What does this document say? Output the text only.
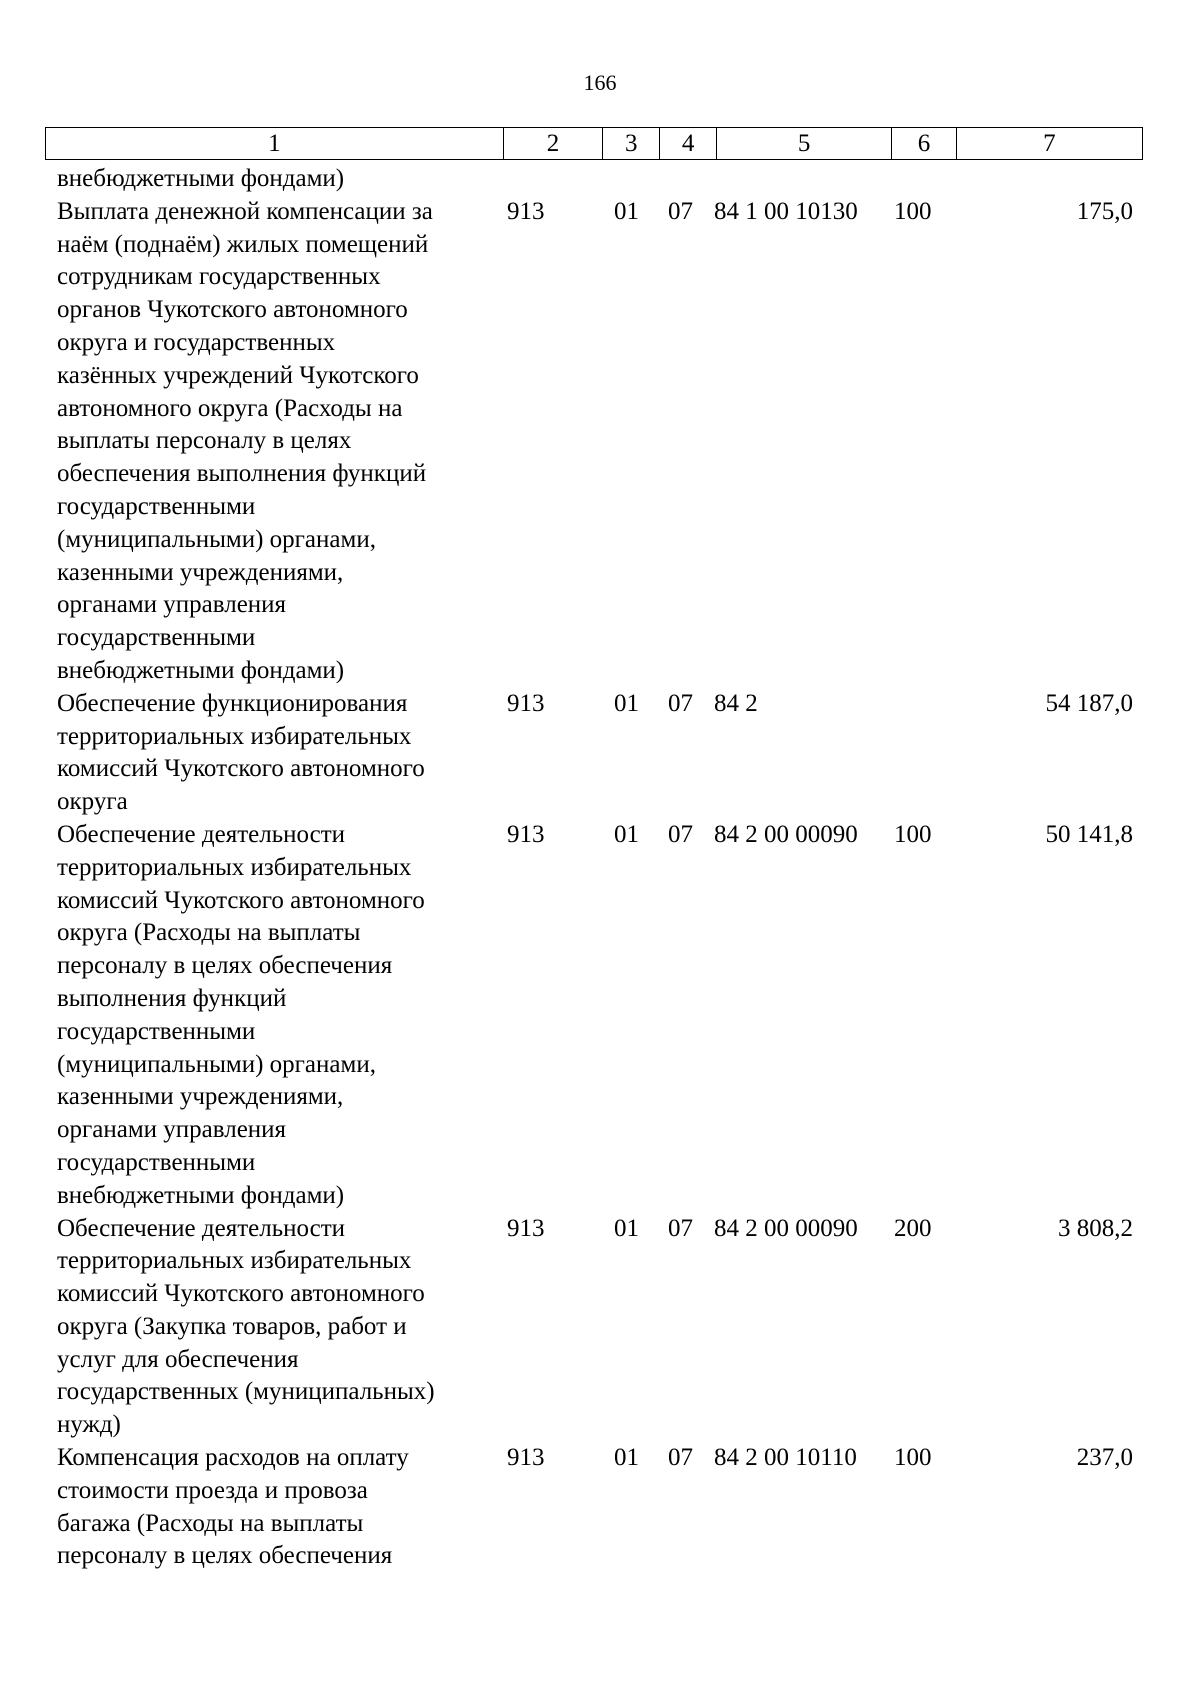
166
1	2	3	4	5	6	7
внебюджетными фондами)
Выплата денежной компенсации за
наём (поднаём) жилых помещений
сотрудникам государственных
органов Чукотского автономного
округа и государственных
казённых учреждений Чукотского
автономного округа (Расходы на
выплаты персоналу в целях
обеспечения выполнения функций
государственными
(муниципальными) органами,
казенными учреждениями,
органами управления
государственными
внебюджетными фондами)
913	01	07 84 1 00 10130	100	175,0
Обеспечение функционирования
территориальных избирательных
комиссий Чукотского автономного
округа
913	01	07 84 2	54 187,0
Обеспечение деятельности
территориальных избирательных
комиссий Чукотского автономного
округа (Расходы на выплаты
персоналу в целях обеспечения
выполнения функций
государственными
(муниципальными) органами,
казенными учреждениями,
органами управления
государственными
внебюджетными фондами)
913	01	07 84 2 00 00090	100	50 141,8
Обеспечение деятельности
территориальных избирательных
комиссий Чукотского автономного
округа (Закупка товаров, работ и
услуг для обеспечения
государственных (муниципальных)
нужд)
913	01	07 84 2 00 00090	200	3 808,2
Компенсация расходов на оплату
стоимости проезда и провоза
багажа (Расходы на выплаты
персоналу в целях обеспечения
913	01	07 84 2 00 10110	100	237,0
